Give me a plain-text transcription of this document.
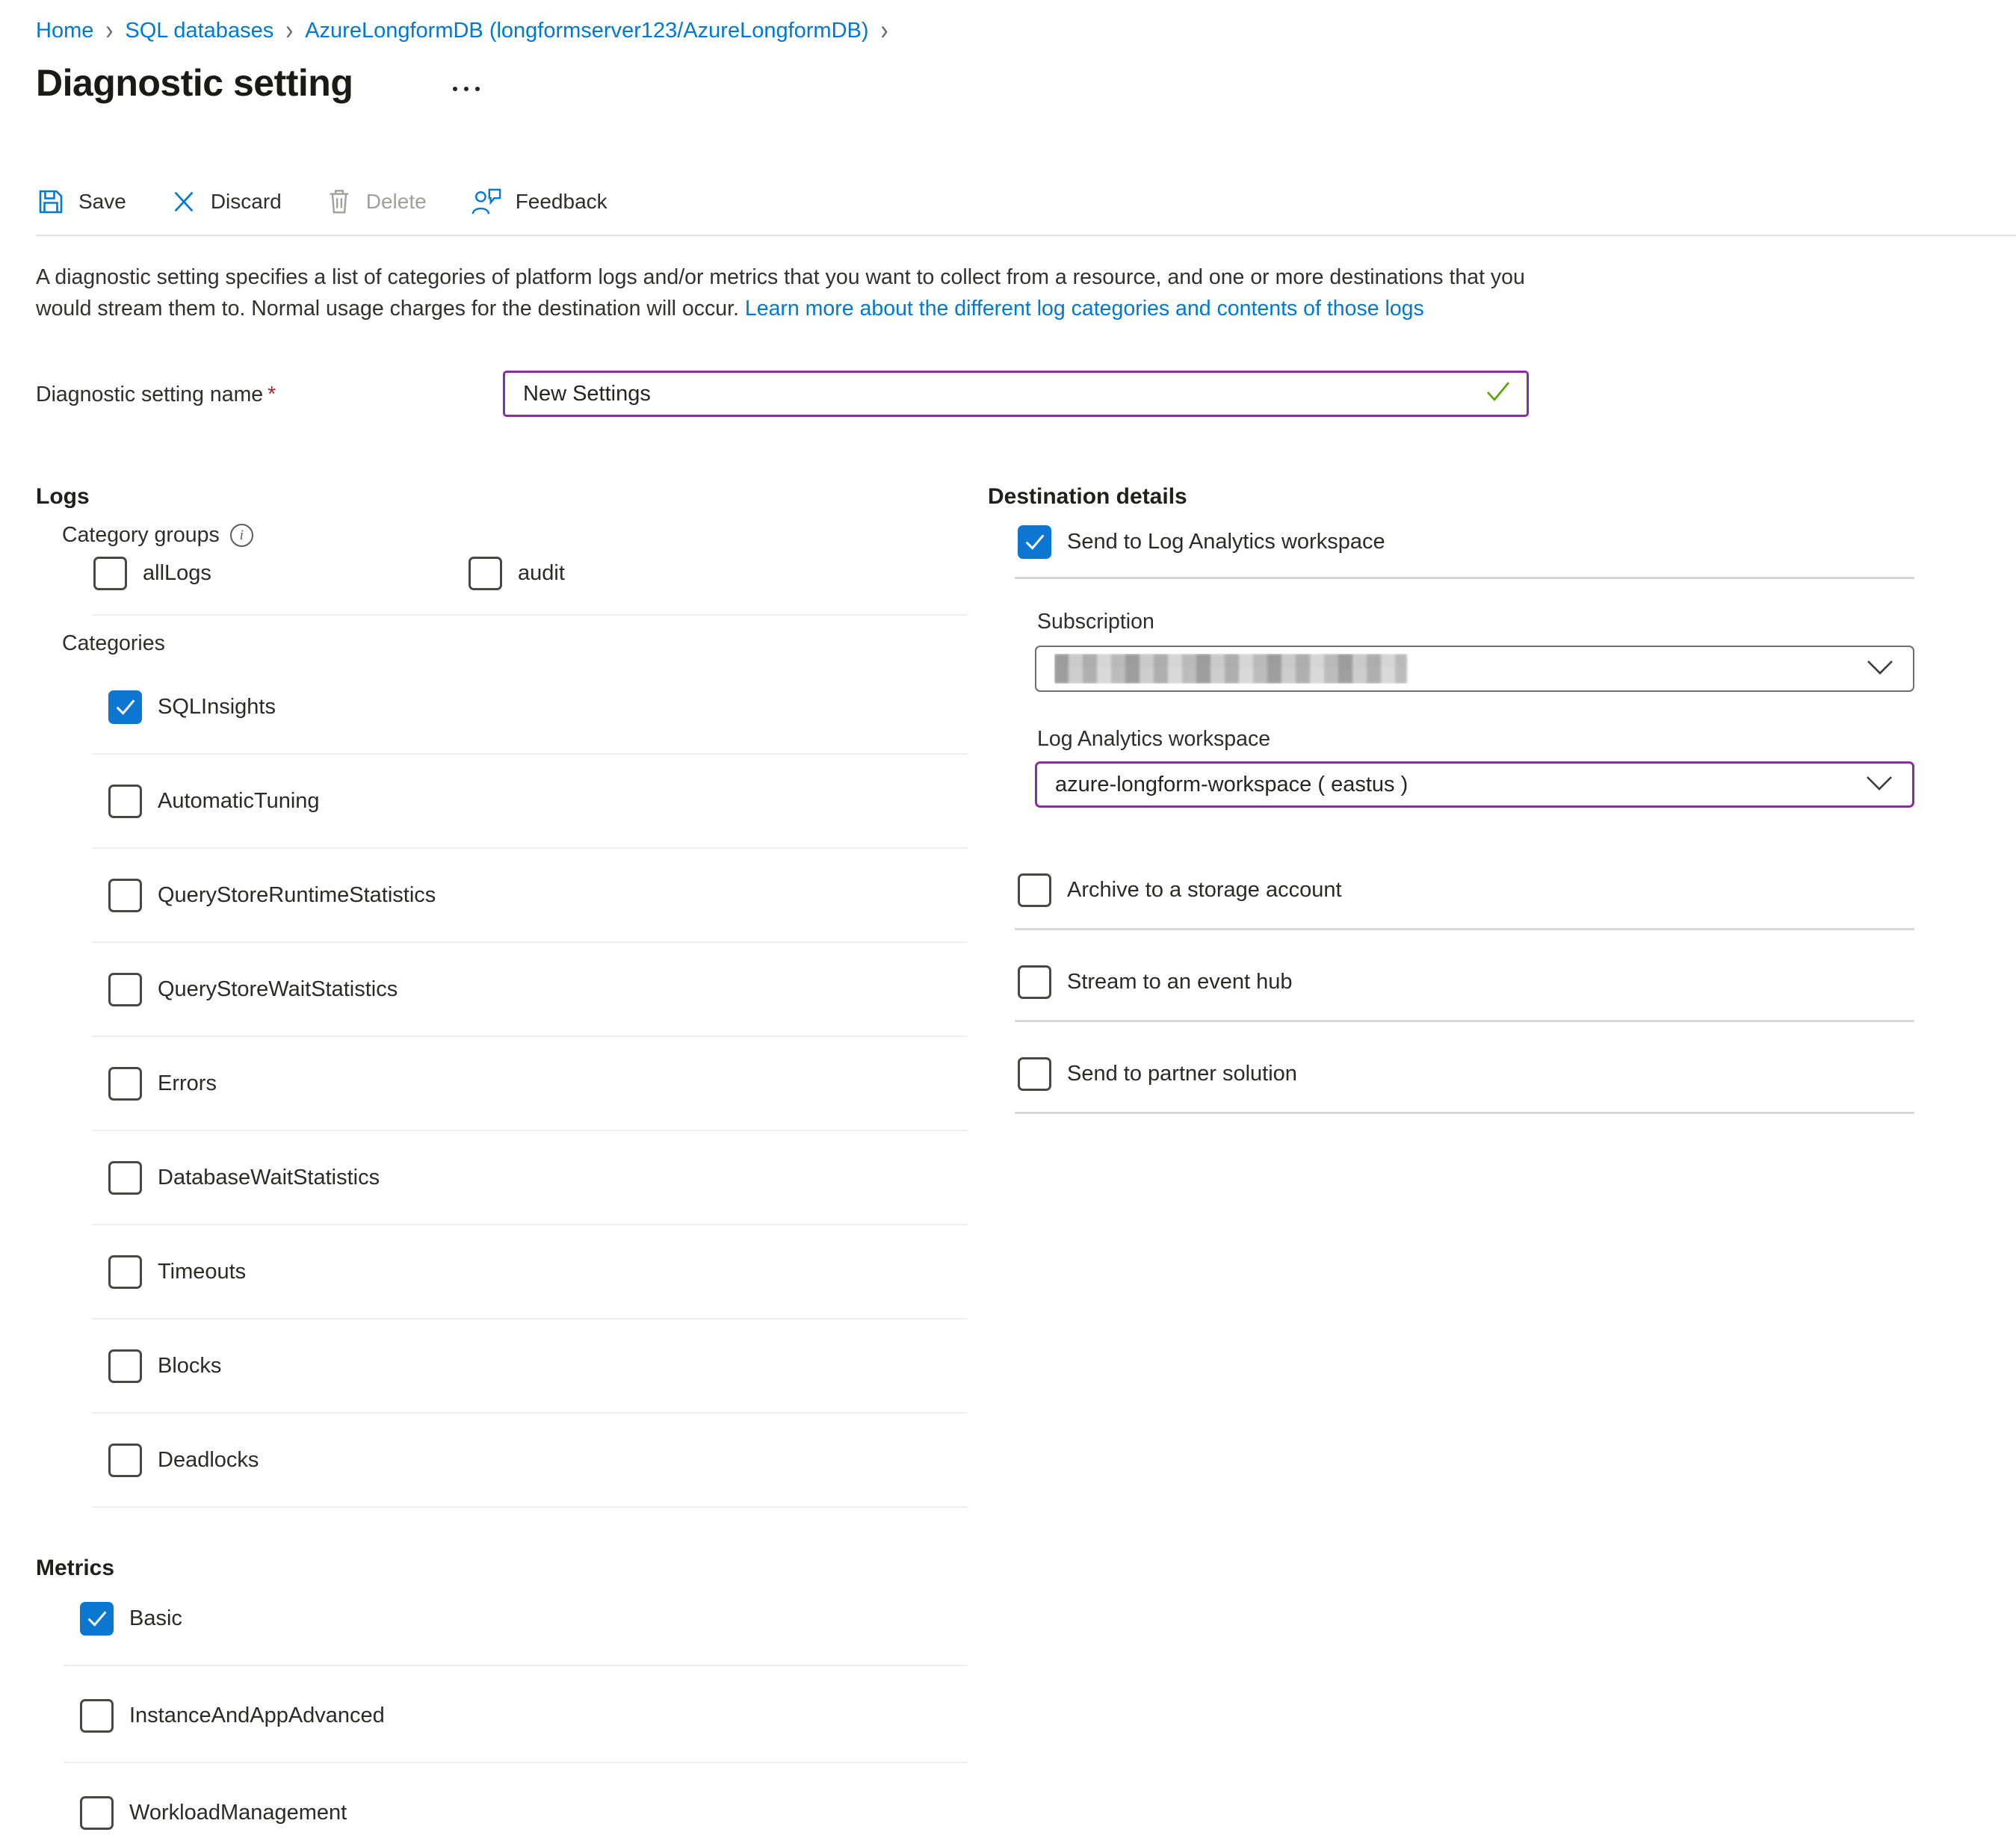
Home › SQL databases › AzureLongformDB (longformserver123/AzureLongformDB) ›
Diagnostic setting
Save	Discard	Delete	Feedback

A diagnostic setting specifies a list of categories of platform logs and/or metrics that you want to collect from a resource, and one or more destinations that you would stream them to. Normal usage charges for the destination will occur. Learn more about the different log categories and contents of those logs

Diagnostic setting name *	New Settings
Logs
Category groups	i
allLogs	audit
Categories
SQLInsights
AutomaticTuning
QueryStoreRuntimeStatistics
QueryStoreWaitStatistics
Errors
DatabaseWaitStatistics
Timeouts
Blocks
Deadlocks
Metrics
Basic
InstanceAndAppAdvanced
WorkloadManagement
Destination details
Send to Log Analytics workspace
Subscription
Log Analytics workspace
azure-longform-workspace ( eastus )
Archive to a storage account
Stream to an event hub
Send to partner solution
